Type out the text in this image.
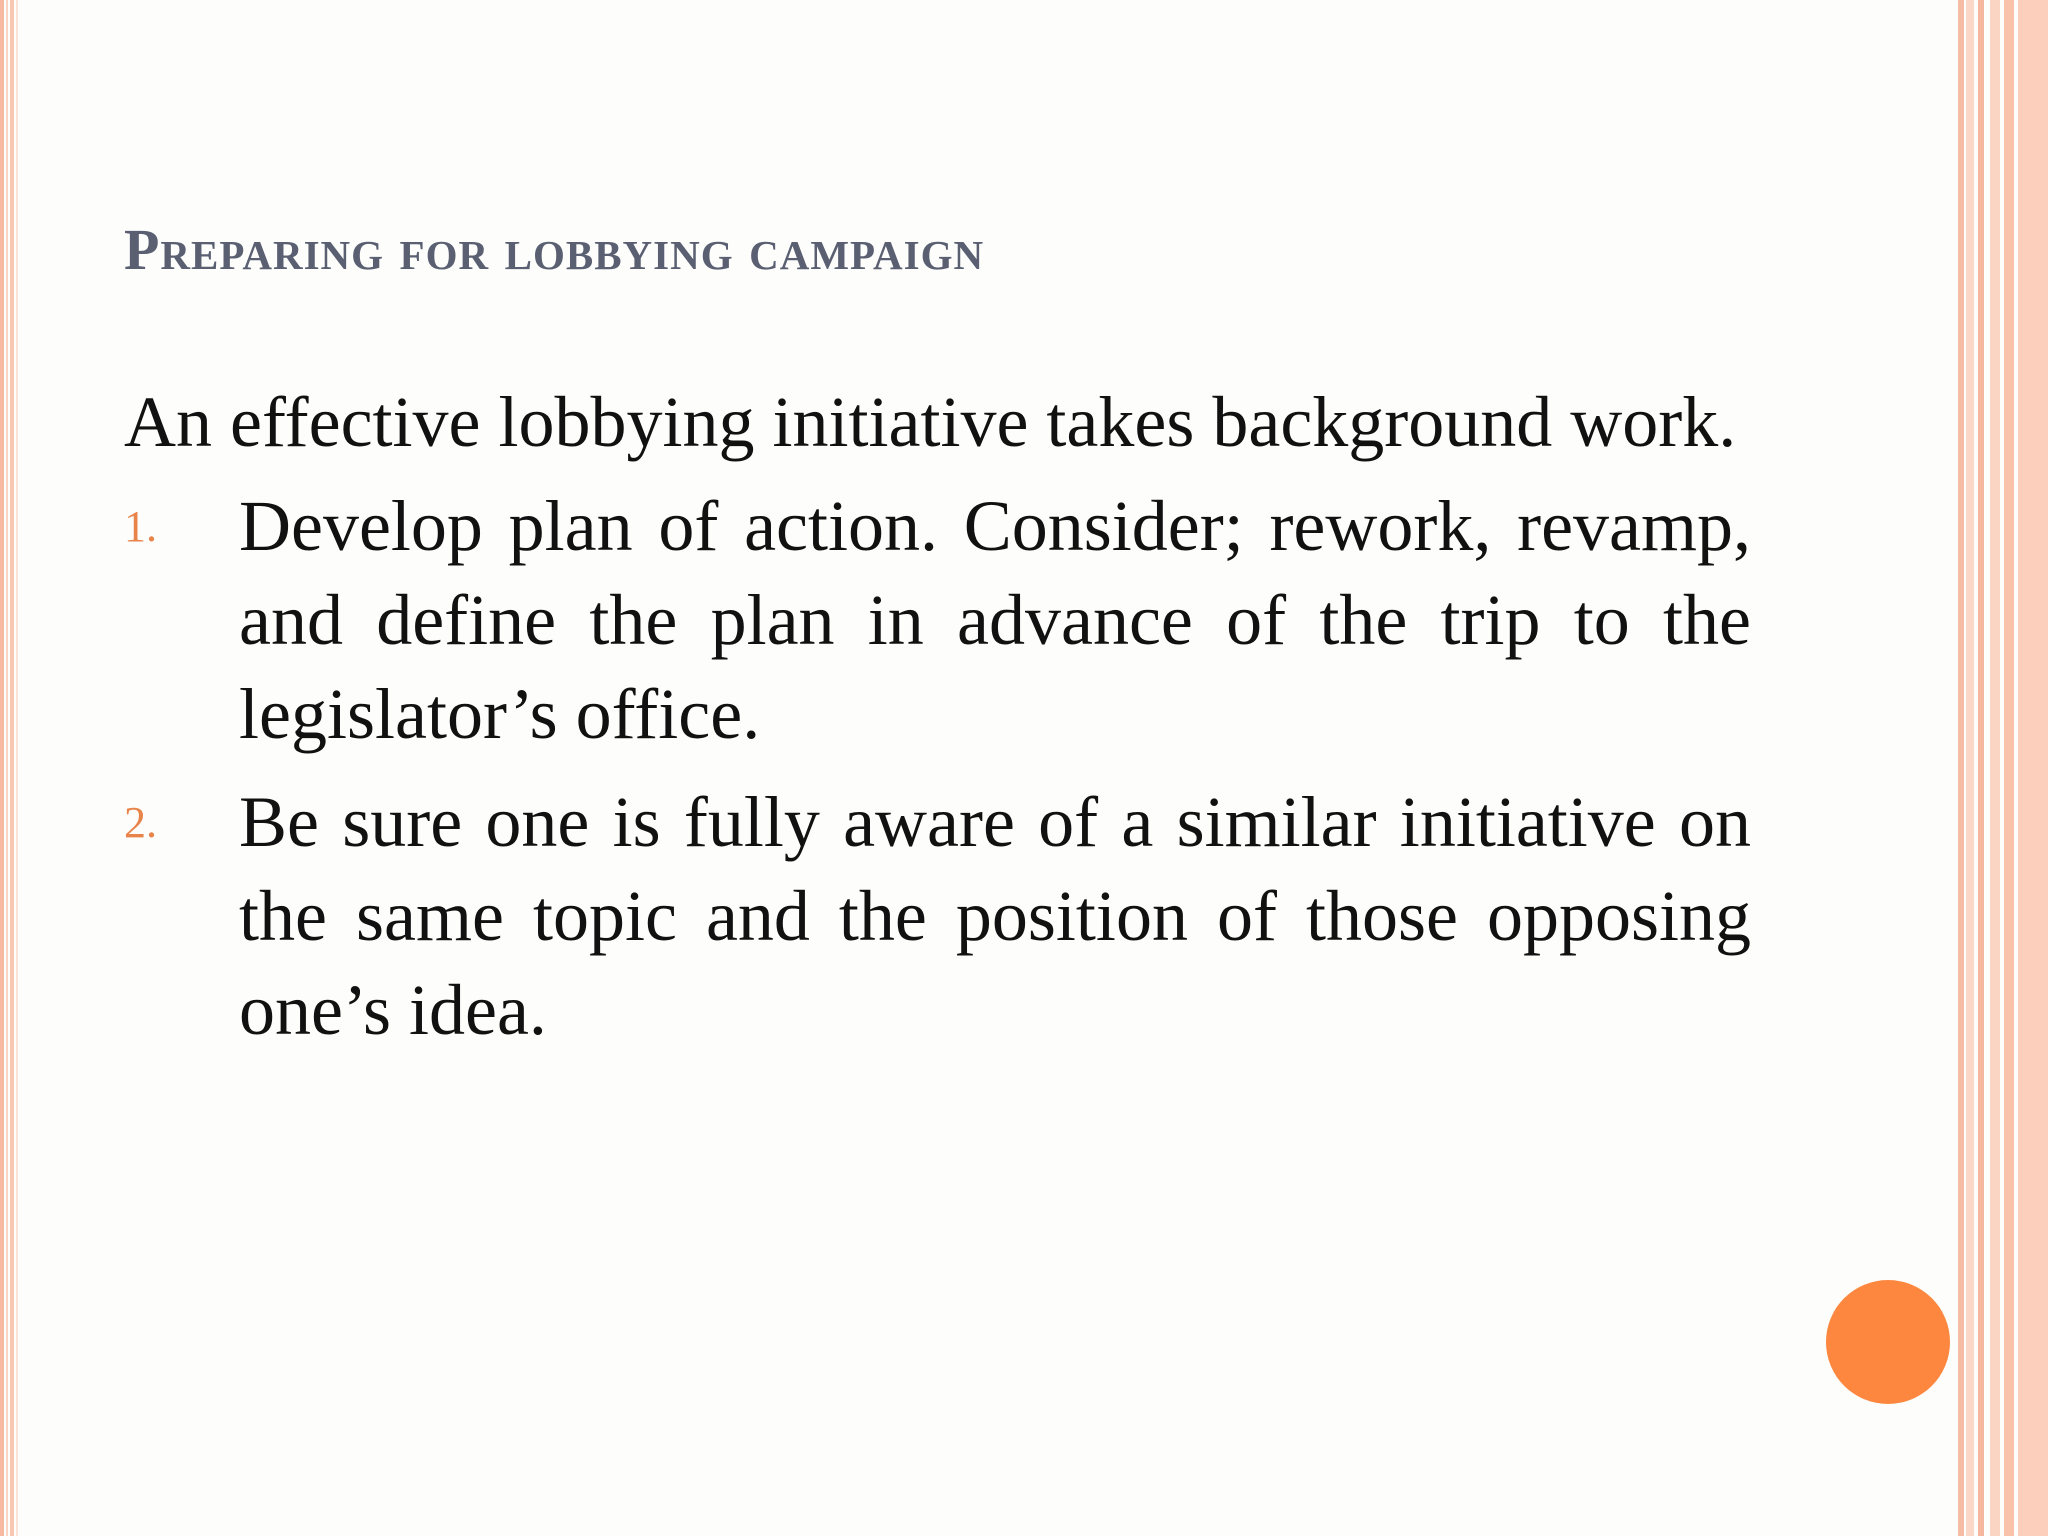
Preparing for lobbying campaign

An effective lobbying initiative takes background work.

1. Develop plan of action. Consider; rework, revamp, and define the plan in advance of the trip to the legislator’s office.
2. Be sure one is fully aware of a similar initiative on the same topic and the position of those opposing one’s idea.
